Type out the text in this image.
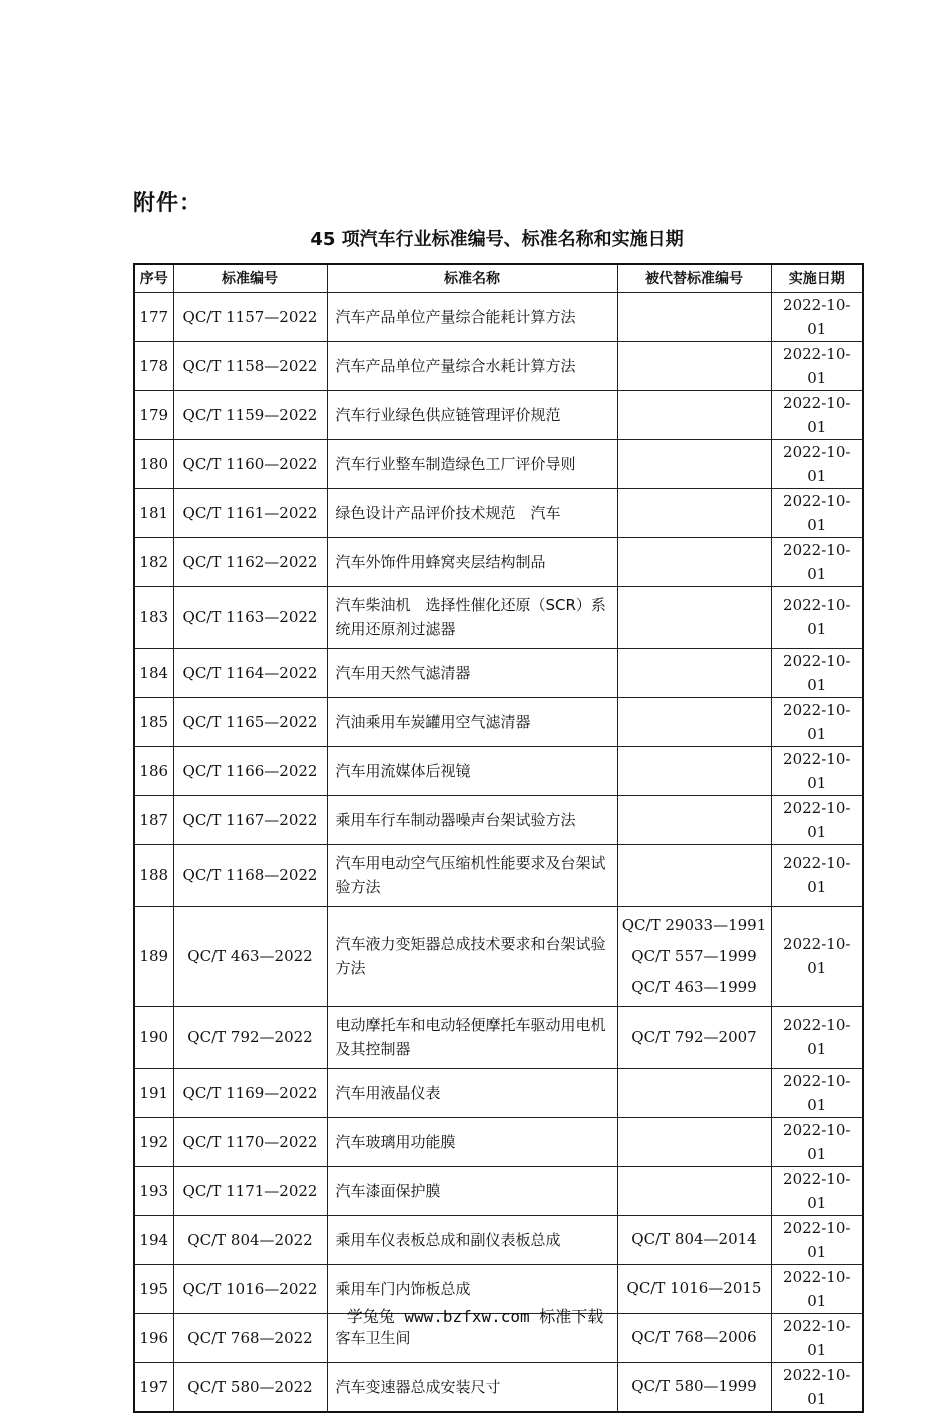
附件：
45 项汽车行业标准编号、标准名称和实施日期
序号	标准编号	标准名称	被代替标准编号	实施日期
177	QC/T 1157—2022	汽车产品单位产量综合能耗计算方法		2022-10-01
178	QC/T 1158—2022	汽车产品单位产量综合水耗计算方法		2022-10-01
179	QC/T 1159—2022	汽车行业绿色供应链管理评价规范		2022-10-01
180	QC/T 1160—2022	汽车行业整车制造绿色工厂评价导则		2022-10-01
181	QC/T 1161—2022	绿色设计产品评价技术规范　汽车		2022-10-01
182	QC/T 1162—2022	汽车外饰件用蜂窝夹层结构制品		2022-10-01
183	QC/T 1163—2022	汽车柴油机　选择性催化还原（SCR）系统用还原剂过滤器		2022-10-01
184	QC/T 1164—2022	汽车用天然气滤清器		2022-10-01
185	QC/T 1165—2022	汽油乘用车炭罐用空气滤清器		2022-10-01
186	QC/T 1166—2022	汽车用流媒体后视镜		2022-10-01
187	QC/T 1167—2022	乘用车行车制动器噪声台架试验方法		2022-10-01
188	QC/T 1168—2022	汽车用电动空气压缩机性能要求及台架试验方法		2022-10-01
189	QC/T 463—2022	汽车液力变矩器总成技术要求和台架试验方法	QC/T 29033—1991
QC/T 557—1999
QC/T 463—1999	2022-10-01
190	QC/T 792—2022	电动摩托车和电动轻便摩托车驱动用电机及其控制器	QC/T 792—2007	2022-10-01
191	QC/T 1169—2022	汽车用液晶仪表		2022-10-01
192	QC/T 1170—2022	汽车玻璃用功能膜		2022-10-01
193	QC/T 1171—2022	汽车漆面保护膜		2022-10-01
194	QC/T 804—2022	乘用车仪表板总成和副仪表板总成	QC/T 804—2014	2022-10-01
195	QC/T 1016—2022	乘用车门内饰板总成	QC/T 1016—2015	2022-10-01
196	QC/T 768—2022	客车卫生间	QC/T 768—2006	2022-10-01
197	QC/T 580—2022	汽车变速器总成安装尺寸	QC/T 580—1999	2022-10-01
学兔兔 www.bzfxw.com 标准下载
